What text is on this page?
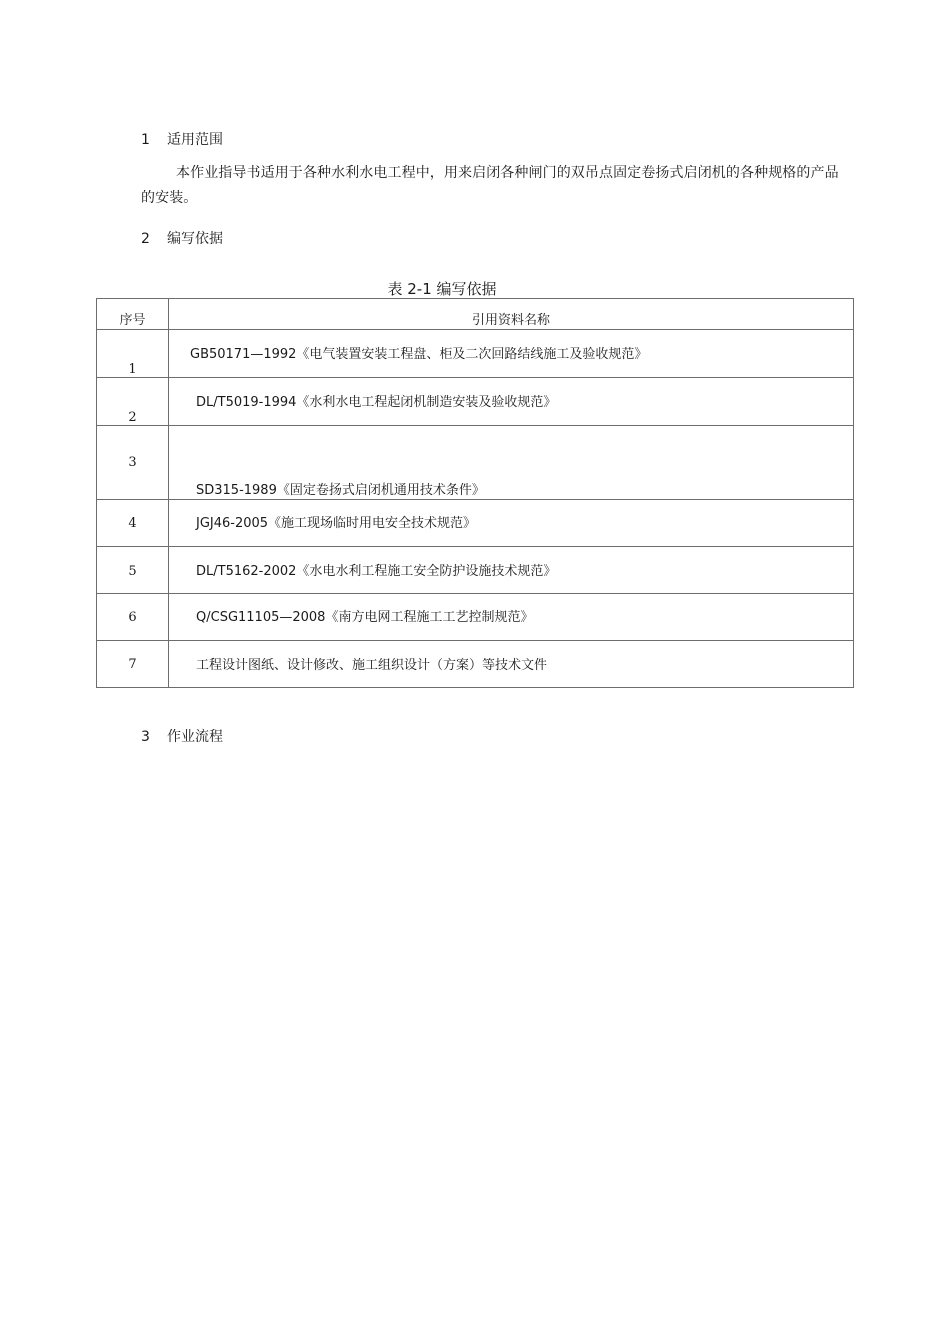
1 适用范围
本作业指导书适用于各种水利水电工程中，用来启闭各种闸门的双吊点固定卷扬式启闭机的各种规格的产品的安装。
2 编写依据
表 2-1 编写依据
序号	引用资料名称

1	GB50171—1992《电气装置安装工程盘、柜及二次回路结线施工及验收规范》

2	DL/T5019-1994《水利水电工程起闭机制造安装及验收规范》

3	SD315-1989《固定卷扬式启闭机通用技术条件》

4	JGJ46-2005《施工现场临时用电安全技术规范》

5	DL/T5162-2002《水电水利工程施工安全防护设施技术规范》

6	Q/CSG11105—2008《南方电网工程施工工艺控制规范》

7	工程设计图纸、设计修改、施工组织设计（方案）等技术文件
3 作业流程
